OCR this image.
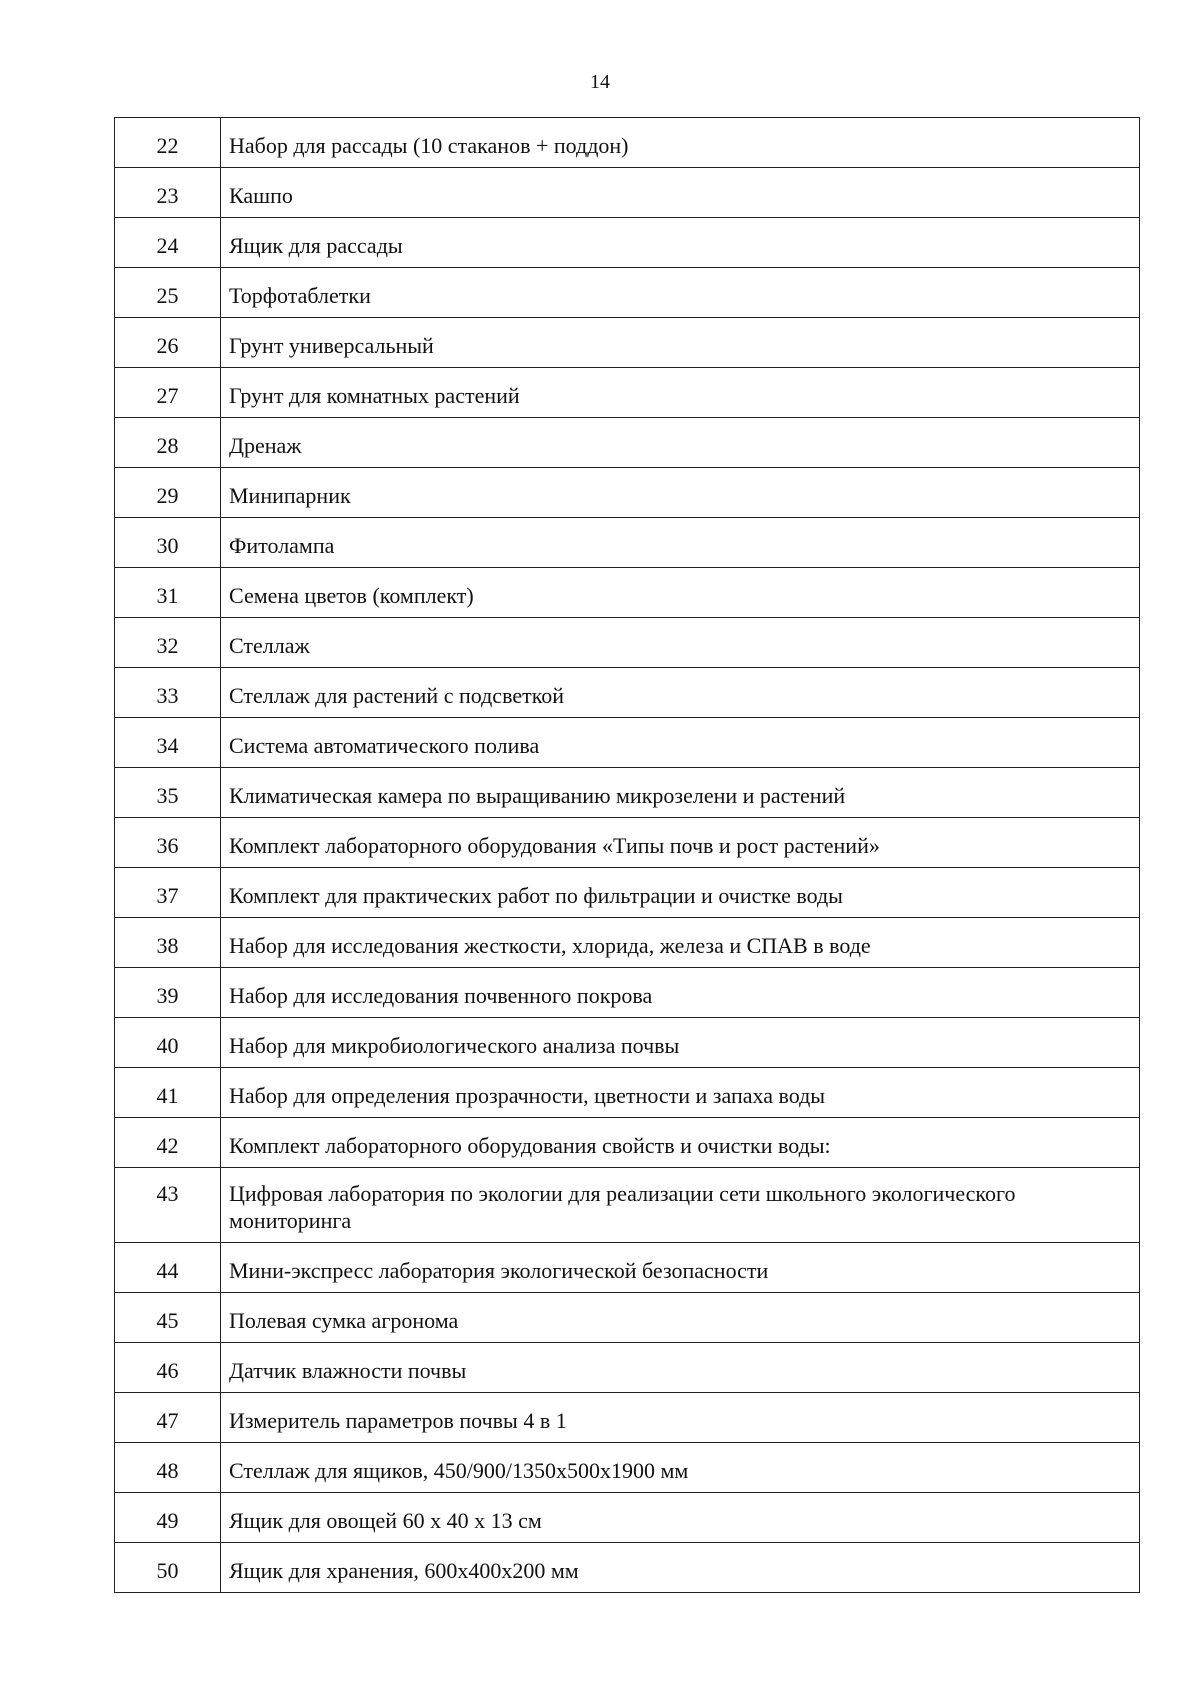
14
22	Набор для рассады (10 стаканов + поддон)
23	Кашпо
24	Ящик для рассады
25	Торфотаблетки
26	Грунт универсальный
27	Грунт для комнатных растений
28	Дренаж
29	Минипарник
30	Фитолампа
31	Семена цветов (комплект)
32	Стеллаж
33	Стеллаж для растений с подсветкой
34	Система автоматического полива
35	Климатическая камера по выращиванию микрозелени и растений
36	Комплект лабораторного оборудования «Типы почв и рост растений»
37	Комплект для практических работ по фильтрации и очистке воды
38	Набор для исследования жесткости, хлорида, железа и СПАВ в воде
39	Набор для исследования почвенного покрова
40	Набор для микробиологического анализа почвы
41	Набор для определения прозрачности, цветности и запаха воды
42	Комплект лабораторного оборудования свойств и очистки воды:
43	Цифровая лаборатория по экологии для реализации сети школьного экологического мониторинга
44	Мини-экспресс лаборатория экологической безопасности
45	Полевая сумка агронома
46	Датчик влажности почвы
47	Измеритель параметров почвы 4 в 1
48	Стеллаж для ящиков, 450/900/1350х500х1900 мм
49	Ящик для овощей 60 х 40 х 13 см
50	Ящик для хранения, 600х400х200 мм
